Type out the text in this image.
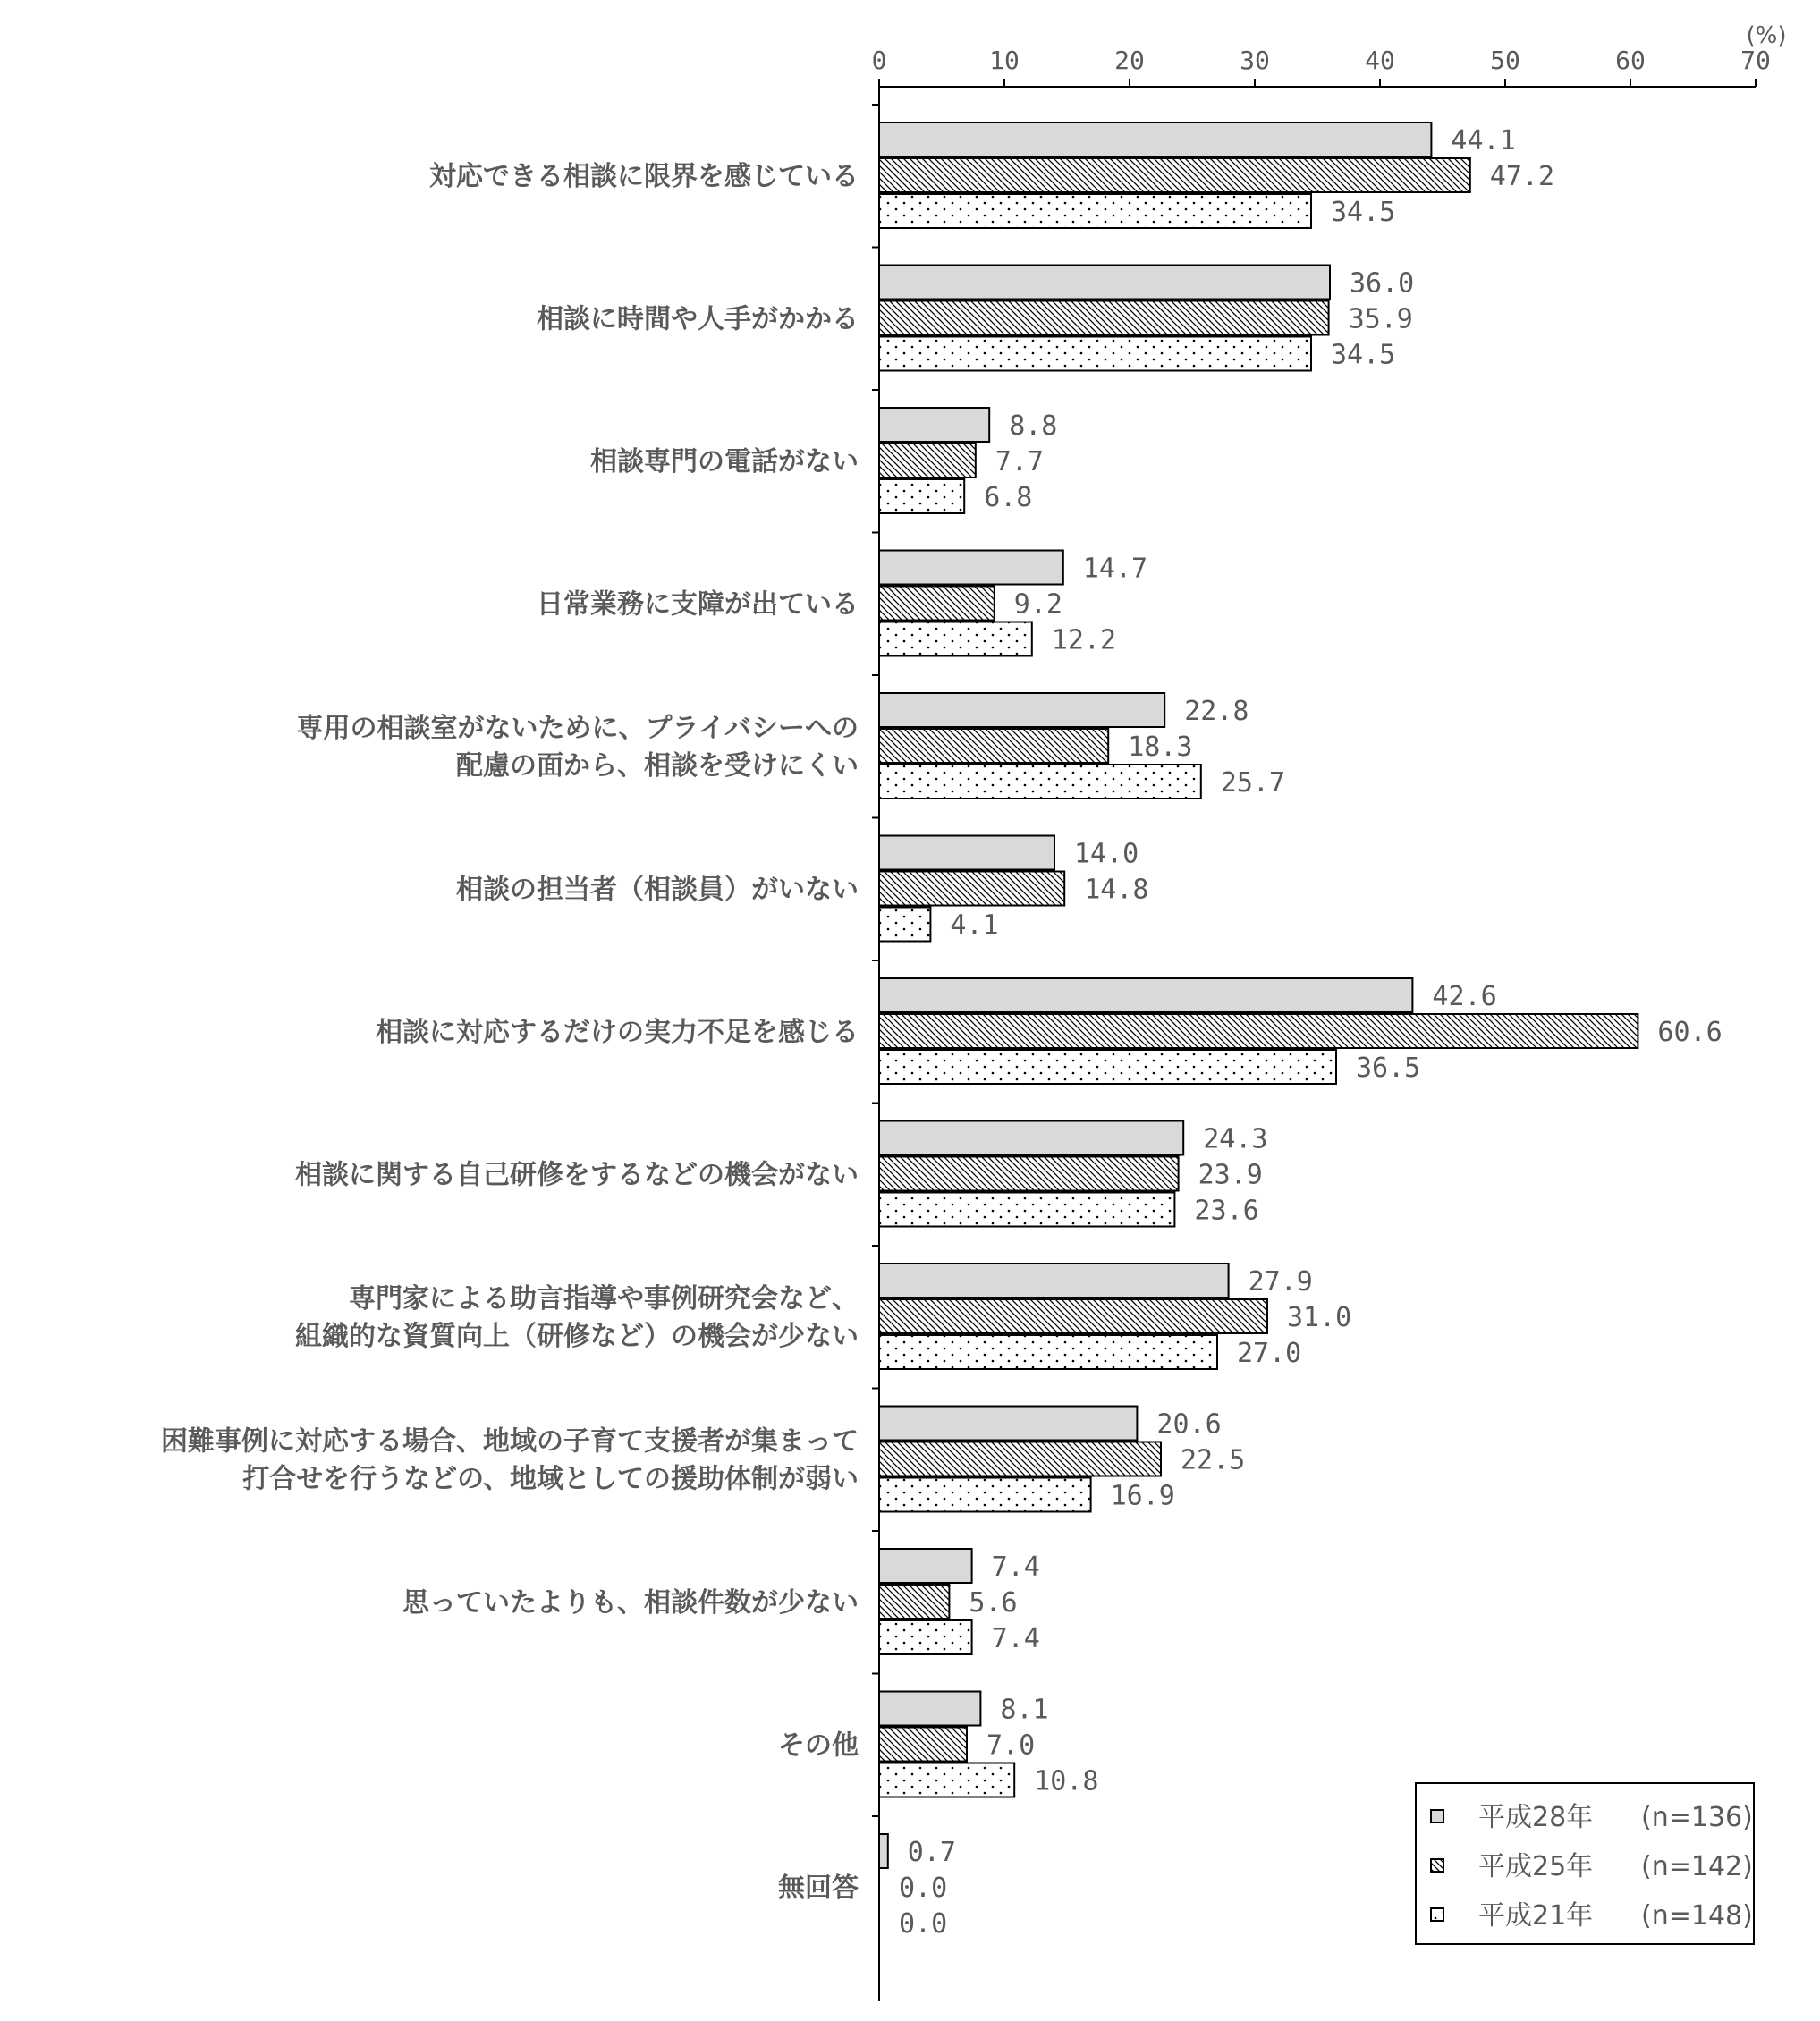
(%)
0	10	20	30	40	50	60	70
対応できる相談に限界を感じている
44.1
47.2
34.5
相談に時間や人手がかかる
36.0
35.9
34.5
相談専門の電話がない
8.8
7.7
6.8
日常業務に支障が出ている
14.7
9.2
12.2
専用の相談室がないために、プライバシーへの配慮の面から、相談を受けにくい
22.8
18.3
25.7
相談の担当者（相談員）がいない
14.0
14.8
4.1
相談に対応するだけの実力不足を感じる
42.6
60.6
36.5
相談に関する自己研修をするなどの機会がない
24.3
23.9
23.6
専門家による助言指導や事例研究会など、組織的な資質向上（研修など）の機会が少ない
27.9
31.0
27.0
困難事例に対応する場合、地域の子育て支援者が集まって打合せを行うなどの、地域としての援助体制が弱い
20.6
22.5
16.9
思っていたよりも、相談件数が少ない
7.4
5.6
7.4
その他
8.1
7.0
10.8
無回答
0.7
0.0
0.0
平成28年 (n=136)
平成25年 (n=142)
平成21年 (n=148)
